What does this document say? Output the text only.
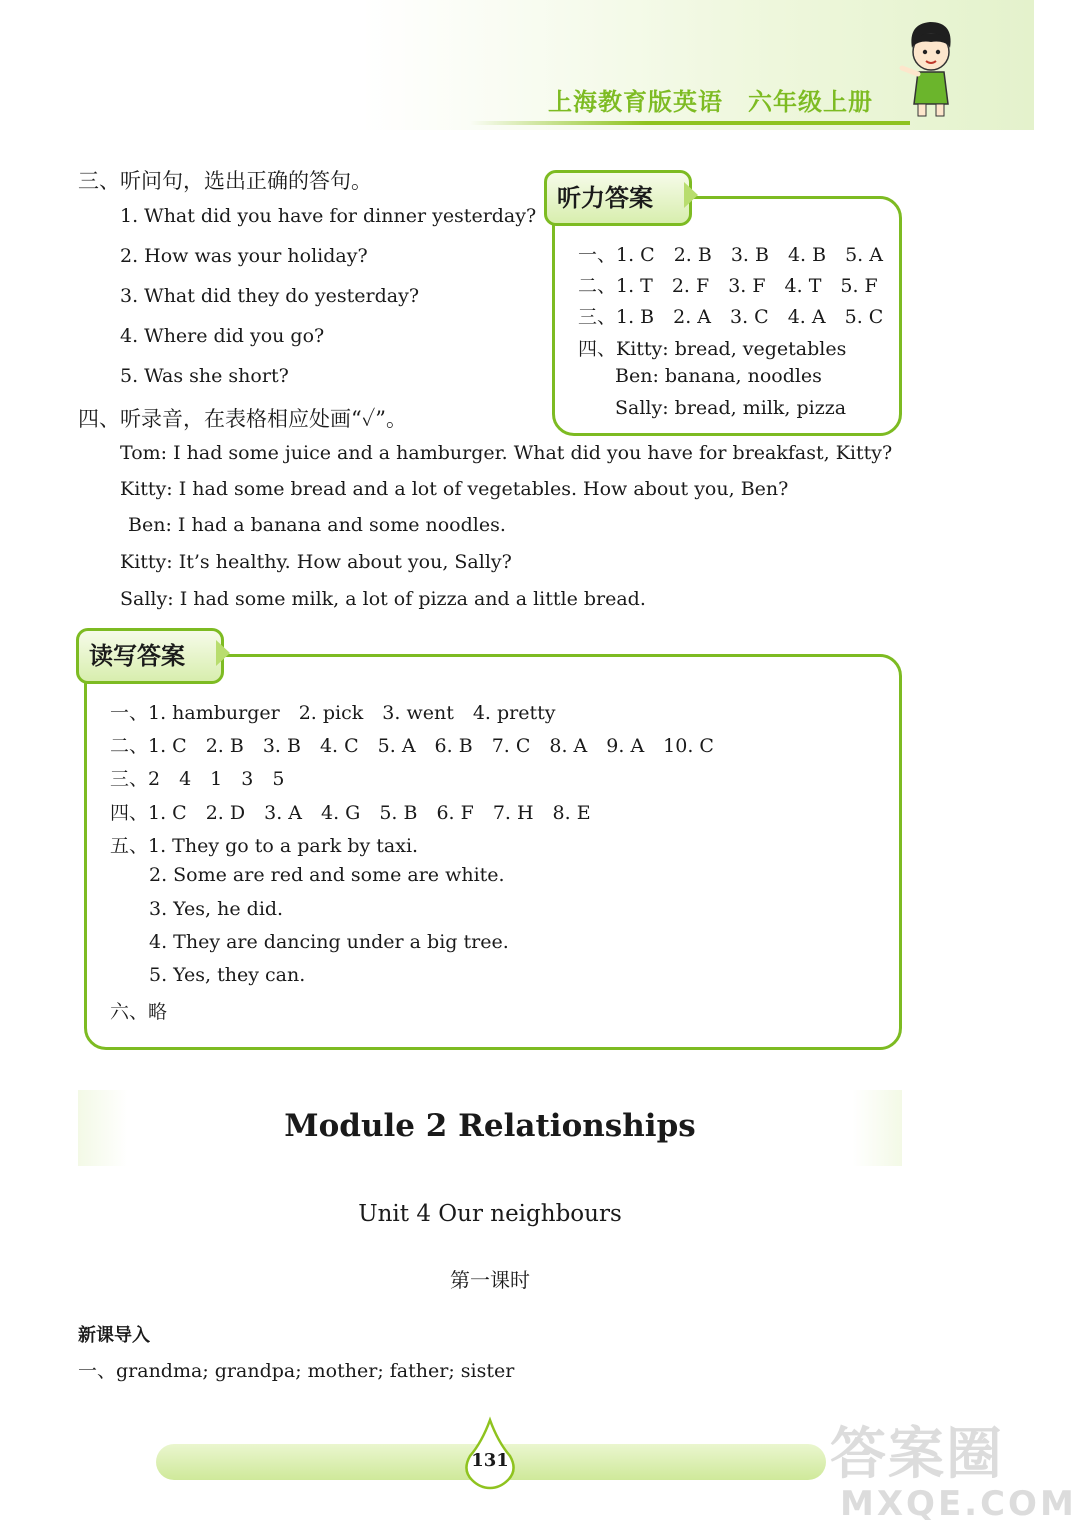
上海教育版英语　六年级上册
三、听问句，选出正确的答句。
1. What did you have for dinner yesterday?
2. How was your holiday?
3. What did they do yesterday?
4. Where did you go?
5. Was she short?
四、听录音，在表格相应处画“✓”。
Tom: I had some juice and a hamburger. What did you have for breakfast, Kitty?
Kitty: I had some bread and a lot of vegetables. How about you, Ben?
Ben: I had a banana and some noodles.
Kitty: It’s healthy. How about you, Sally?
Sally: I had some milk, a lot of pizza and a little bread.
听力答案
一、1. C　2. B　3. B　4. B　5. A
二、1. T　2. F　3. F　4. T　5. F
三、1. B　2. A　3. C　4. A　5. C
四、Kitty: bread, vegetables
Ben: banana, noodles
Sally: bread, milk, pizza
读写答案
一、1. hamburger　2. pick　3. went　4. pretty
二、1. C　2. B　3. B　4. C　5. A　6. B　7. C　8. A　9. A　10. C
三、2　4　1　3　5
四、1. C　2. D　3. A　4. G　5. B　6. F　7. H　8. E
五、1. They go to a park by taxi.
2. Some are red and some are white.
3. Yes, he did.
4. They are dancing under a big tree.
5. Yes, they can.
六、略
Module 2 Relationships
Unit 4 Our neighbours
第一课时
新课导入
一、grandma; grandpa; mother; father; sister
131	答案圈
MXQE.COM
